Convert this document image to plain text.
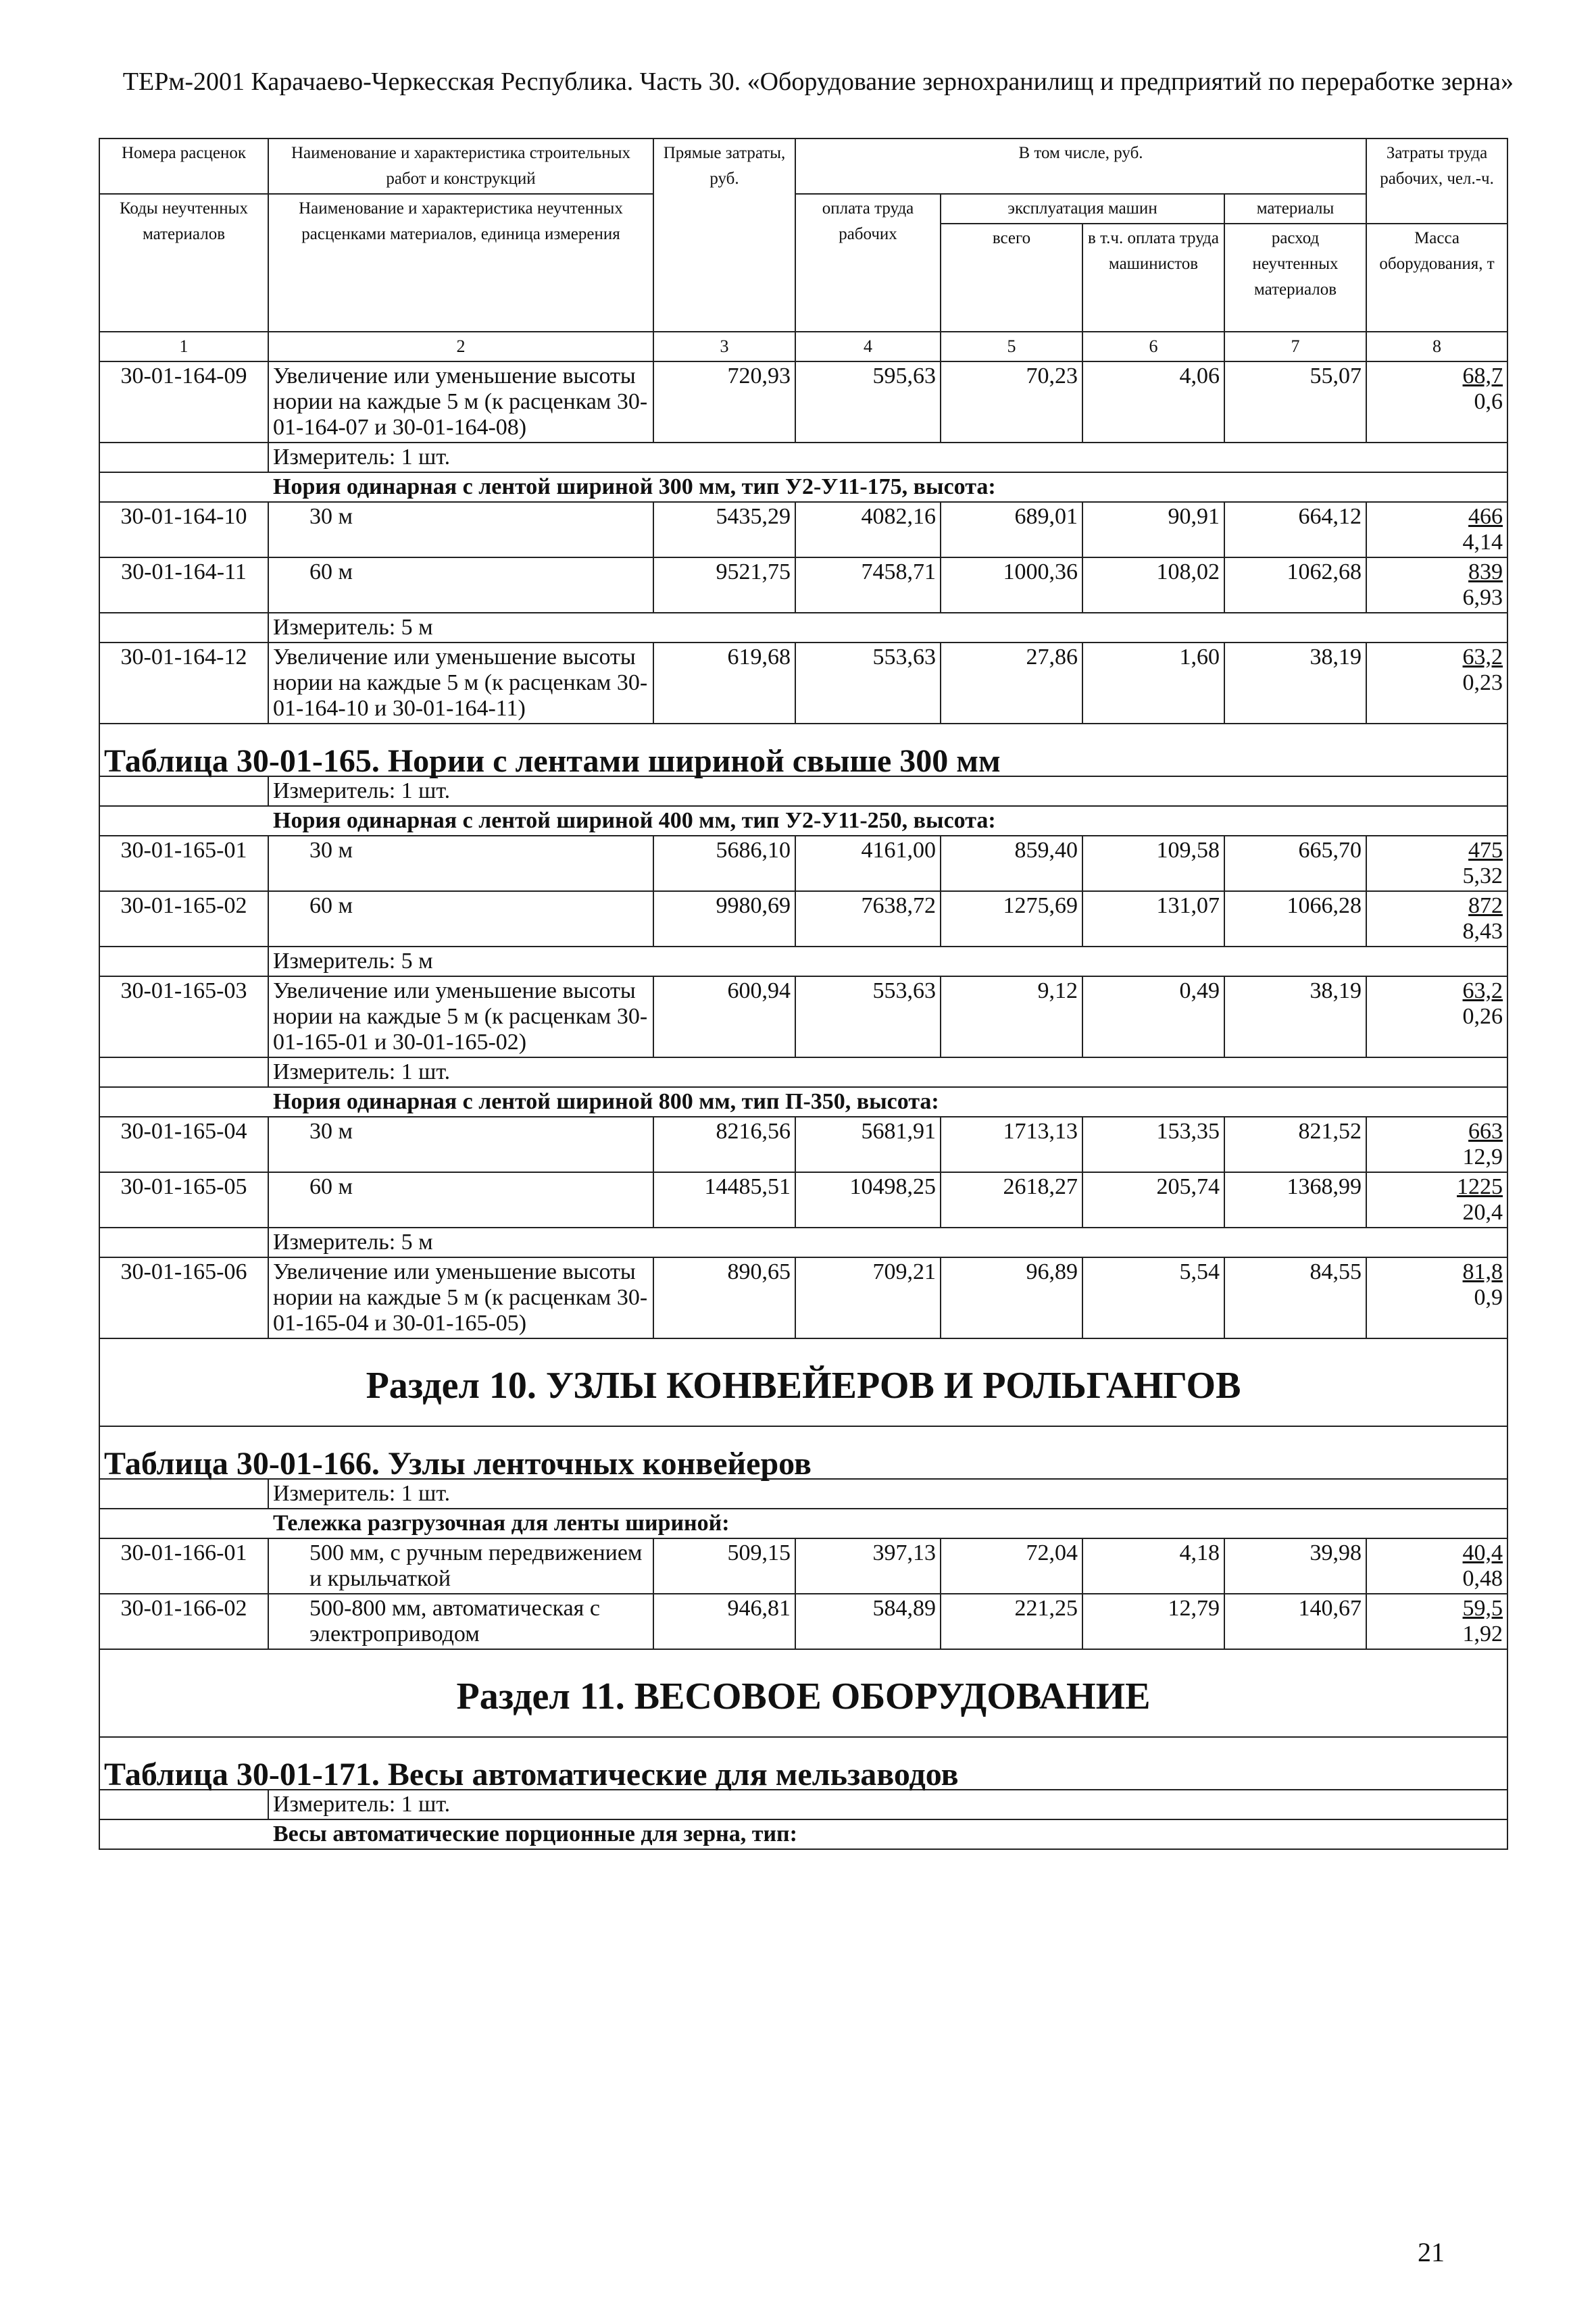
ТЕРм-2001 Карачаево-Черкесская Республика. Часть 30. «Оборудование зернохранилищ и предприятий по переработке зерна»
Номера расценок	Наименование и характеристика строительных работ и конструкций	Прямые затраты, руб.	В том числе, руб.				Затраты труда рабочих, чел.-ч.
Коды неучтенных материалов	Наименование и характеристика неучтенных расценками материалов, единица измерения		оплата труда рабочих	эксплуатация машин		материалы	
				всего	в т.ч. оплата труда машинистов	расход неучтенных материалов	Масса оборудования, т
1	2	3	4	5	6	7	8
30-01-164-09	Увеличение или уменьшение высоты нории на каждые 5 м (к расценкам 30-01-164-07 и 30-01-164-08)	720,93	595,63	70,23	4,06	55,07	68,7
0,6
	Измеритель: 1 шт.						
Нория одинарная с лентой шириной 300 мм, тип У2-У11-175, высота:							
30-01-164-10	30 м	5435,29	4082,16	689,01	90,91	664,12	466
4,14
30-01-164-11	60 м	9521,75	7458,71	1000,36	108,02	1062,68	839
6,93
	Измеритель: 5 м						
30-01-164-12	Увеличение или уменьшение высоты нории на каждые 5 м (к расценкам 30-01-164-10 и 30-01-164-11)	619,68	553,63	27,86	1,60	38,19	63,2
0,23
Таблица 30-01-165. Нории с лентами шириной свыше 300 мм							
	Измеритель: 1 шт.						
Нория одинарная с лентой шириной 400 мм, тип У2-У11-250, высота:							
30-01-165-01	30 м	5686,10	4161,00	859,40	109,58	665,70	475
5,32
30-01-165-02	60 м	9980,69	7638,72	1275,69	131,07	1066,28	872
8,43
	Измеритель: 5 м						
30-01-165-03	Увеличение или уменьшение высоты нории на каждые 5 м (к расценкам 30-01-165-01 и 30-01-165-02)	600,94	553,63	9,12	0,49	38,19	63,2
0,26
	Измеритель: 1 шт.						
Нория одинарная с лентой шириной 800 мм, тип П-350, высота:							
30-01-165-04	30 м	8216,56	5681,91	1713,13	153,35	821,52	663
12,9
30-01-165-05	60 м	14485,51	10498,25	2618,27	205,74	1368,99	1225
20,4
	Измеритель: 5 м						
30-01-165-06	Увеличение или уменьшение высоты нории на каждые 5 м (к расценкам 30-01-165-04 и 30-01-165-05)	890,65	709,21	96,89	5,54	84,55	81,8
0,9
Раздел 10. УЗЛЫ КОНВЕЙЕРОВ И РОЛЬГАНГОВ							
Таблица 30-01-166. Узлы ленточных конвейеров							
	Измеритель: 1 шт.						
Тележка разгрузочная для ленты шириной:							
30-01-166-01	500 мм, с ручным передвижением и крыльчаткой	509,15	397,13	72,04	4,18	39,98	40,4
0,48
30-01-166-02	500-800 мм, автоматическая с электроприводом	946,81	584,89	221,25	12,79	140,67	59,5
1,92
Раздел 11. ВЕСОВОЕ ОБОРУДОВАНИЕ							
Таблица 30-01-171. Весы автоматические для мельзаводов							
	Измеритель: 1 шт.						
Весы автоматические порционные для зерна, тип:							
21
